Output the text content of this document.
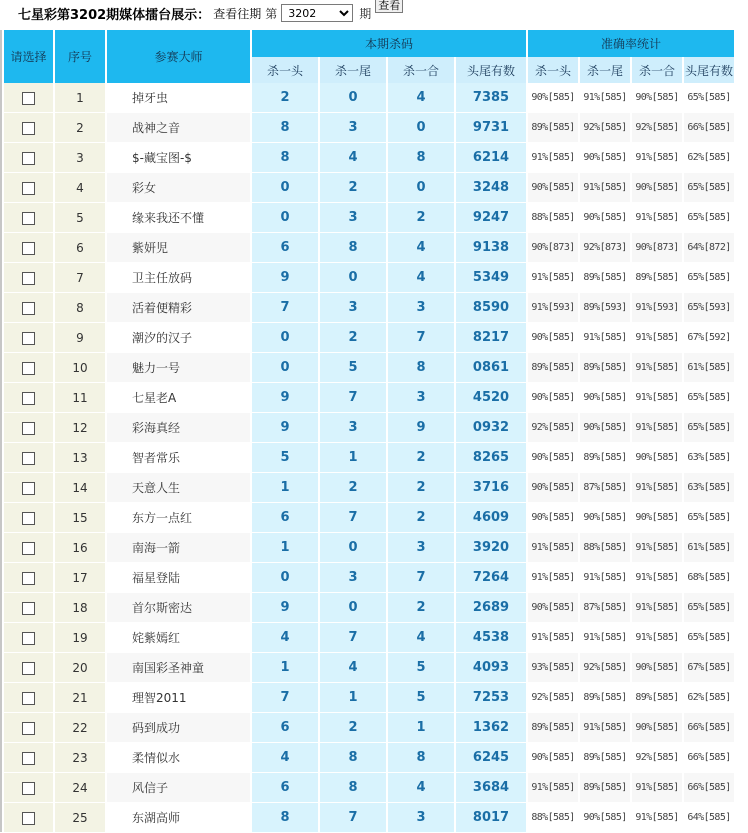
七星彩第3202期媒体擂台展示： 查看往期 第
3202	期
查看
请选择	序号	参赛大师	本期杀码				准确率统计			
			杀一头	杀一尾	杀一合	头尾有数	杀一头	杀一尾	杀一合	头尾有数
	1	掉牙虫	2	0	4	7385	90%[585]	91%[585]	90%[585]	65%[585]
	2	战神之音	8	3	0	9731	89%[585]	92%[585]	92%[585]	66%[585]
	3	$-藏宝图-$	8	4	8	6214	91%[585]	90%[585]	91%[585]	62%[585]
	4	彩女	0	2	0	3248	90%[585]	91%[585]	90%[585]	65%[585]
	5	缘来我还不懂	0	3	2	9247	88%[585]	90%[585]	91%[585]	65%[585]
	6	紫妍児	6	8	4	9138	90%[873]	92%[873]	90%[873]	64%[872]
	7	卫主任放码	9	0	4	5349	91%[585]	89%[585]	89%[585]	65%[585]
	8	活着便精彩	7	3	3	8590	91%[593]	89%[593]	91%[593]	65%[593]
	9	潮汐的汉子	0	2	7	8217	90%[585]	91%[585]	91%[585]	67%[592]
	10	魅力一号	0	5	8	0861	89%[585]	89%[585]	91%[585]	61%[585]
	11	七星老A	9	7	3	4520	90%[585]	90%[585]	91%[585]	65%[585]
	12	彩海真经	9	3	9	0932	92%[585]	90%[585]	91%[585]	65%[585]
	13	智者常乐	5	1	2	8265	90%[585]	89%[585]	90%[585]	63%[585]
	14	天意人生	1	2	2	3716	90%[585]	87%[585]	91%[585]	63%[585]
	15	东方一点红	6	7	2	4609	90%[585]	90%[585]	90%[585]	65%[585]
	16	南海一箭	1	0	3	3920	91%[585]	88%[585]	91%[585]	61%[585]
	17	福星登陆	0	3	7	7264	91%[585]	91%[585]	91%[585]	68%[585]
	18	首尔斯密达	9	0	2	2689	90%[585]	87%[585]	91%[585]	65%[585]
	19	姹紫嫣红	4	7	4	4538	91%[585]	91%[585]	91%[585]	65%[585]
	20	南国彩圣神童	1	4	5	4093	93%[585]	92%[585]	90%[585]	67%[585]
	21	理智2011	7	1	5	7253	92%[585]	89%[585]	89%[585]	62%[585]
	22	码到成功	6	2	1	1362	89%[585]	91%[585]	90%[585]	66%[585]
	23	柔情似水	4	8	8	6245	90%[585]	89%[585]	92%[585]	66%[585]
	24	风信子	6	8	4	3684	91%[585]	89%[585]	91%[585]	66%[585]
	25	东湖高师	8	7	3	8017	88%[585]	90%[585]	91%[585]	64%[585]
